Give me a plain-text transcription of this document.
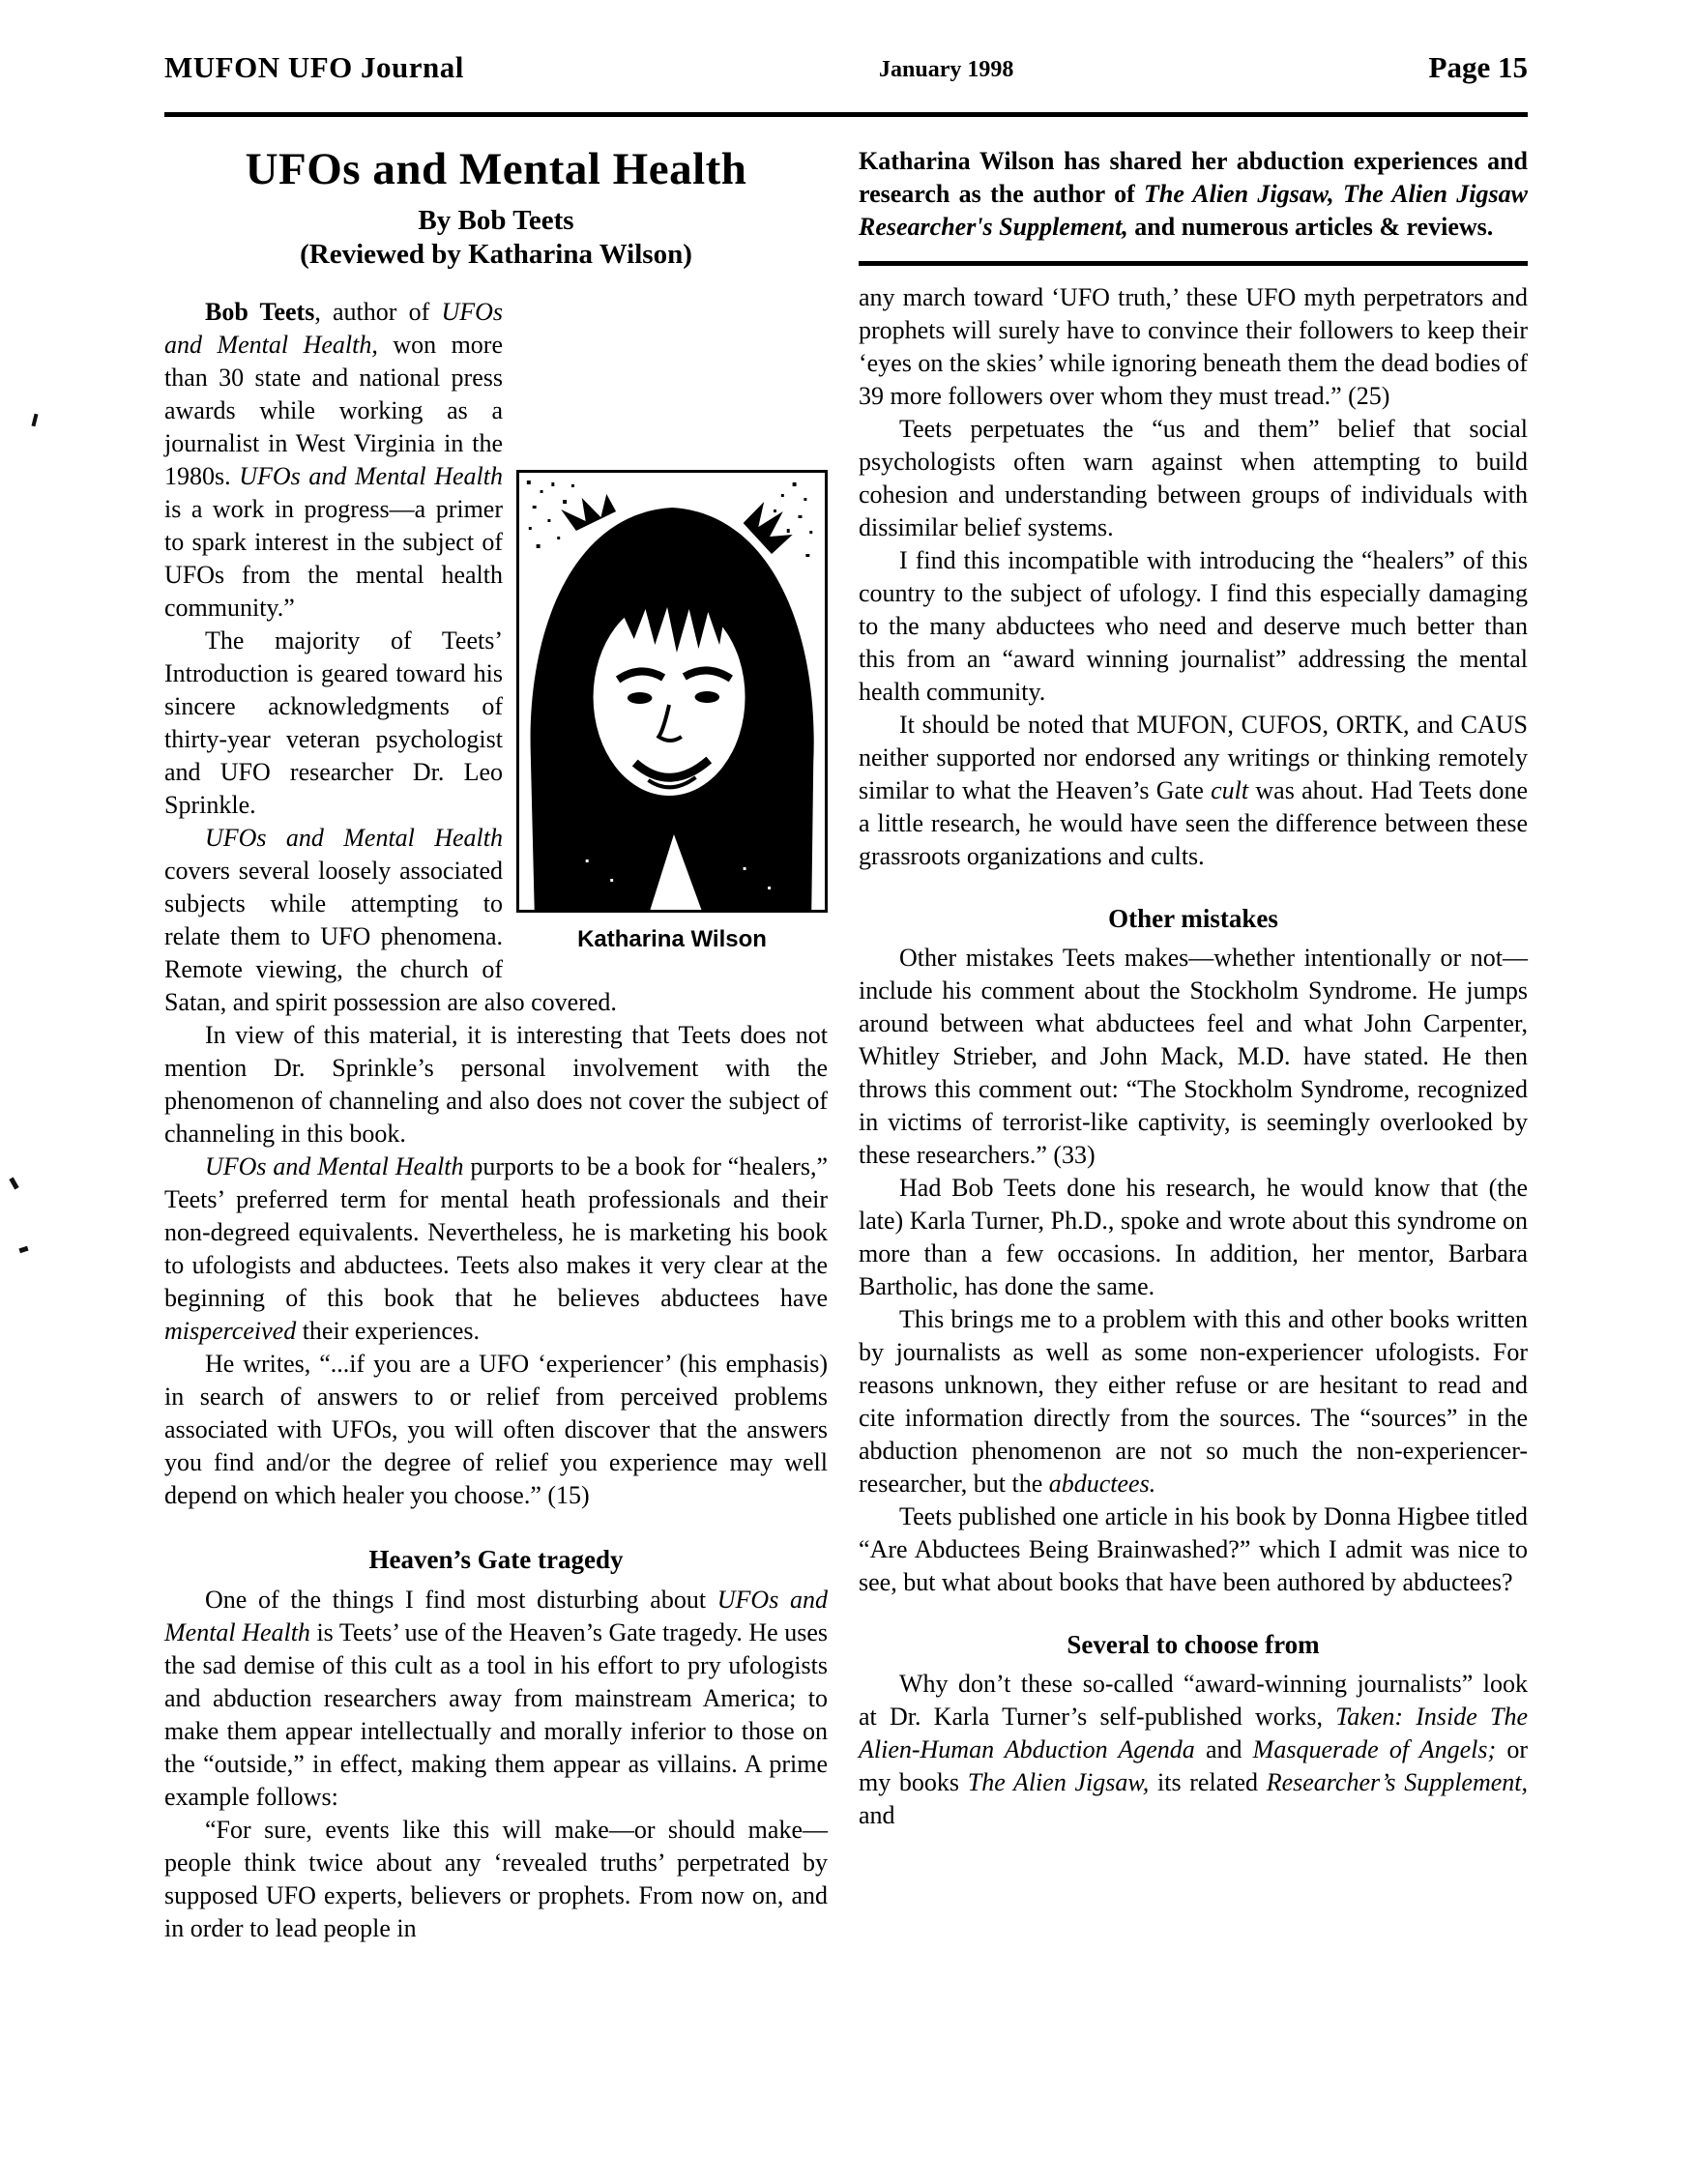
MUFON UFO Journal	January 1998	Page 15
UFOs and Mental Health
By Bob Teets
(Reviewed by Katharina Wilson)
Katharina Wilson

Bob Teets, author of UFOs and Mental Health, won more than 30 state and national press awards while working as a journalist in West Virginia in the 1980s. UFOs and Mental Health is a work in progress—a primer to spark interest in the subject of UFOs from the mental health community.”

The majority of Teets’ Introduction is geared toward his sincere acknowledgments of thirty-year veteran psychologist and UFO researcher Dr. Leo Sprinkle.

UFOs and Mental Health covers several loosely associated subjects while attempting to relate them to UFO phenomena. Remote viewing, the church of Satan, and spirit possession are also covered.

In view of this material, it is interesting that Teets does not mention Dr. Sprinkle’s personal involvement with the phenomenon of channeling and also does not cover the subject of channeling in this book.

UFOs and Mental Health purports to be a book for “healers,” Teets’ preferred term for mental heath professionals and their non-degreed equivalents. Nevertheless, he is marketing his book to ufologists and abductees. Teets also makes it very clear at the beginning of this book that he believes abductees have misperceived their experiences.

He writes, “...if you are a UFO ‘experiencer’ (his emphasis) in search of answers to or relief from perceived problems associated with UFOs, you will often discover that the answers you find and/or the degree of relief you experience may well depend on which healer you choose.” (15)

Heaven’s Gate tragedy

One of the things I find most disturbing about UFOs and Mental Health is Teets’ use of the Heaven’s Gate tragedy. He uses the sad demise of this cult as a tool in his effort to pry ufologists and abduction researchers away from mainstream America; to make them appear intellectually and morally inferior to those on the “outside,” in effect, making them appear as villains. A prime example follows:

“For sure, events like this will make—or should make—people think twice about any ‘revealed truths’ perpetrated by supposed UFO experts, believers or prophets. From now on, and in order to lead people in

Katharina Wilson has shared her abduction experiences and research as the author of The Alien Jigsaw, The Alien Jigsaw Researcher's Supplement, and numerous articles & reviews.

any march toward ‘UFO truth,’ these UFO myth perpetrators and prophets will surely have to convince their followers to keep their ‘eyes on the skies’ while ignoring beneath them the dead bodies of 39 more followers over whom they must tread.” (25)

Teets perpetuates the “us and them” belief that social psychologists often warn against when attempting to build cohesion and understanding between groups of individuals with dissimilar belief systems.

I find this incompatible with introducing the “healers” of this country to the subject of ufology. I find this especially damaging to the many abductees who need and deserve much better than this from an “award winning journalist” addressing the mental health community.

It should be noted that MUFON, CUFOS, ORTK, and CAUS neither supported nor endorsed any writings or thinking remotely similar to what the Heaven’s Gate cult was ahout. Had Teets done a little research, he would have seen the difference between these grassroots organizations and cults.

Other mistakes

Other mistakes Teets makes—whether intentionally or not—include his comment about the Stockholm Syndrome. He jumps around between what abductees feel and what John Carpenter, Whitley Strieber, and John Mack, M.D. have stated. He then throws this comment out: “The Stockholm Syndrome, recognized in victims of terrorist-like captivity, is seemingly overlooked by these researchers.” (33)

Had Bob Teets done his research, he would know that (the late) Karla Turner, Ph.D., spoke and wrote about this syndrome on more than a few occasions. In addition, her mentor, Barbara Bartholic, has done the same.

This brings me to a problem with this and other books written by journalists as well as some non-experiencer ufologists. For reasons unknown, they either refuse or are hesitant to read and cite information directly from the sources. The “sources” in the abduction phenomenon are not so much the non-experiencer-researcher, but the abductees.

Teets published one article in his book by Donna Higbee titled “Are Abductees Being Brainwashed?” which I admit was nice to see, but what about books that have been authored by abductees?

Several to choose from

Why don’t these so-called “award-winning journalists” look at Dr. Karla Turner’s self-published works, Taken: Inside The Alien-Human Abduction Agenda and Masquerade of Angels; or my books The Alien Jigsaw, its related Researcher’s Supplement, and
